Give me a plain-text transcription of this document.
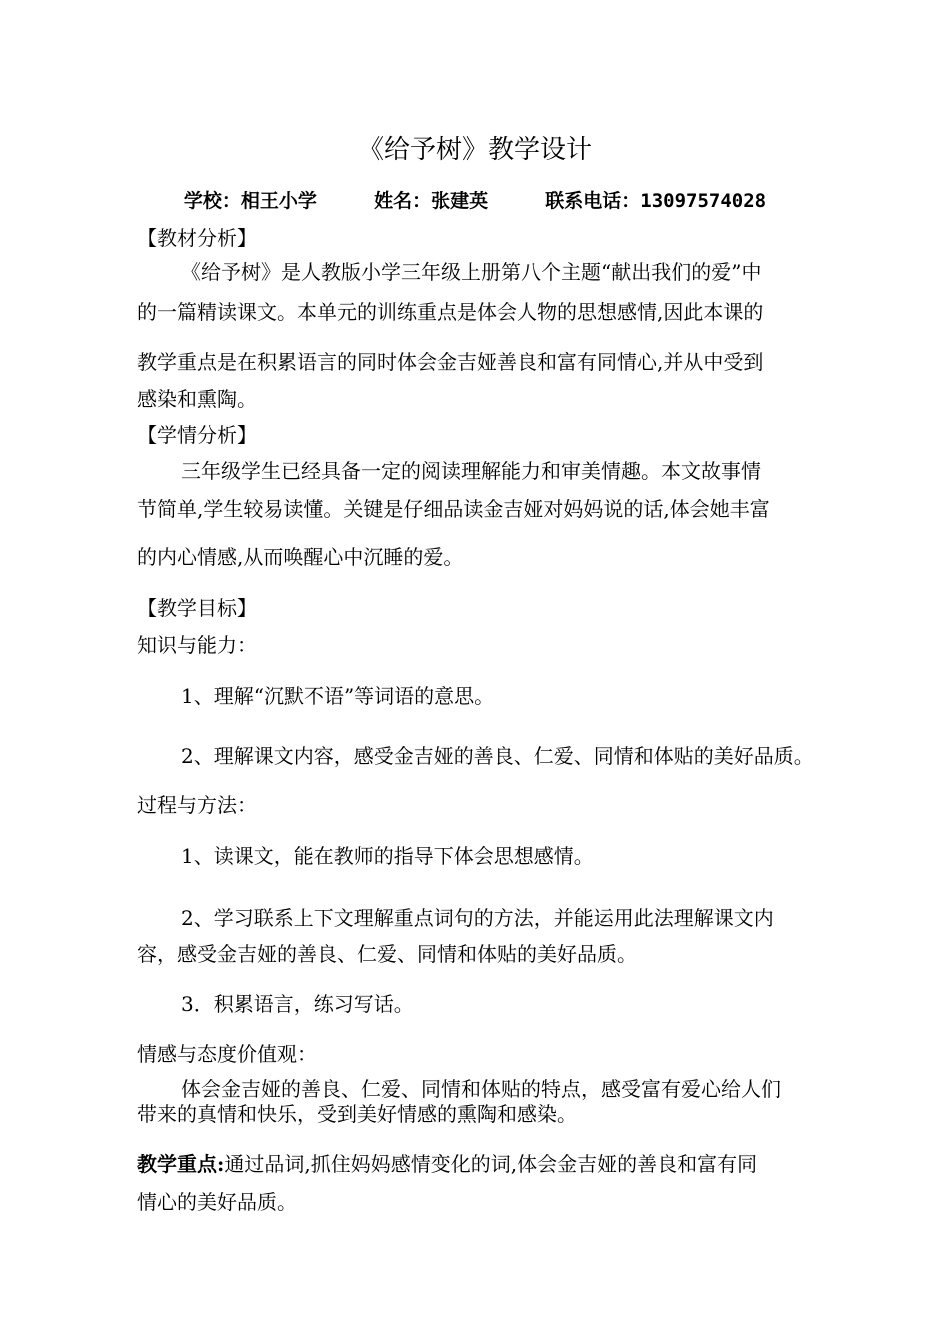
《给予树》教学设计
学校：相王小学     姓名：张建英     联系电话：13097574028
【教材分析】
《给予树》是人教版小学三年级上册第八个主题“献出我们的爱”中
的一篇精读课文。本单元的训练重点是体会人物的思想感情,因此本课的
教学重点是在积累语言的同时体会金吉娅善良和富有同情心,并从中受到
感染和熏陶。
【学情分析】
三年级学生已经具备一定的阅读理解能力和审美情趣。本文故事情
节简单,学生较易读懂。关键是仔细品读金吉娅对妈妈说的话,体会她丰富
的内心情感,从而唤醒心中沉睡的爱。
【教学目标】
知识与能力：
1、理解“沉默不语”等词语的意思。
2、理解课文内容，感受金吉娅的善良、仁爱、同情和体贴的美好品质。
过程与方法：
1、读课文，能在教师的指导下体会思想感情。
2、学习联系上下文理解重点词句的方法，并能运用此法理解课文内
容，感受金吉娅的善良、仁爱、同情和体贴的美好品质。
3．积累语言，练习写话。
情感与态度价值观：
体会金吉娅的善良、仁爱、同情和体贴的特点，感受富有爱心给人们
带来的真情和快乐，受到美好情感的熏陶和感染。
教学重点:通过品词,抓住妈妈感情变化的词,体会金吉娅的善良和富有同
情心的美好品质。
